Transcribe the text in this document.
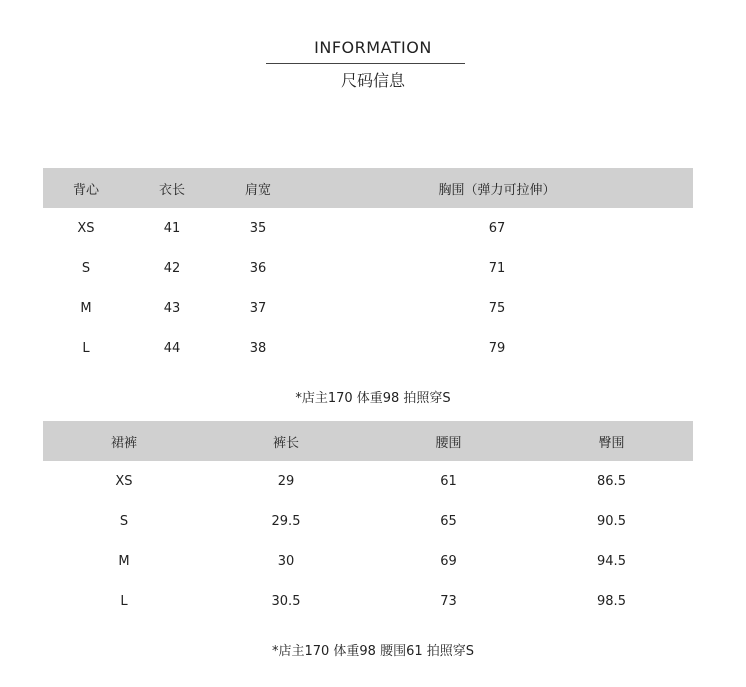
INFORMATION
尺码信息
背心	衣长	肩宽	胸围（弹力可拉伸）
XS	41	35	67
S	42	36	71
M	43	37	75
L	44	38	79
*店主170 体重98 拍照穿S
裙裤	裤长	腰围	臀围
XS	29	61	86.5
S	29.5	65	90.5
M	30	69	94.5
L	30.5	73	98.5
*店主170 体重98 腰围61 拍照穿S
